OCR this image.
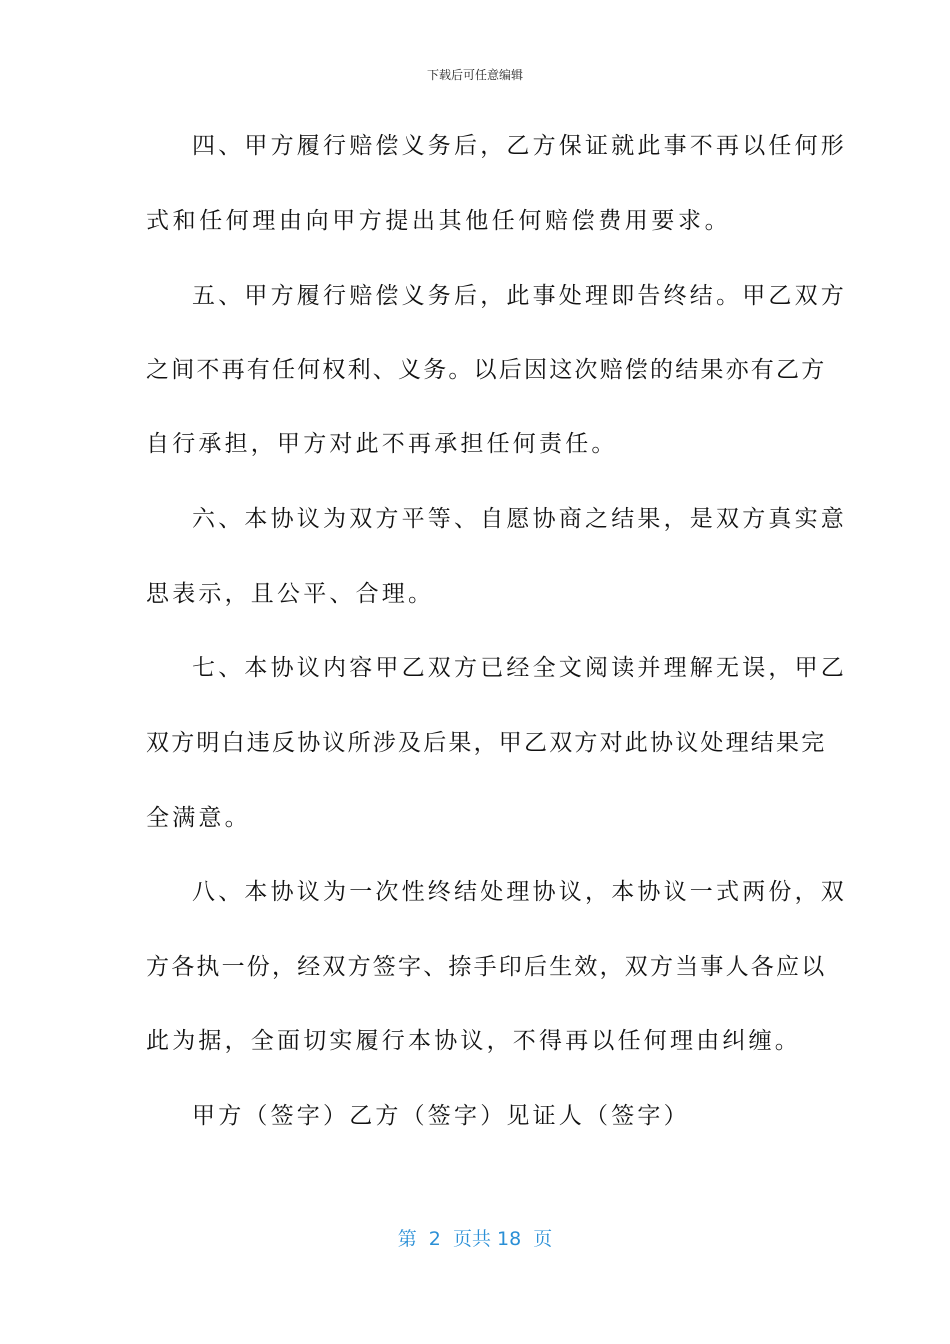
下载后可任意编辑
四、甲方履行赔偿义务后，乙方保证就此事不再以任何形
式和任何理由向甲方提出其他任何赔偿费用要求。
五、甲方履行赔偿义务后，此事处理即告终结。甲乙双方
之间不再有任何权利、义务。以后因这次赔偿的结果亦有乙方
自行承担，甲方对此不再承担任何责任。
六、本协议为双方平等、自愿协商之结果，是双方真实意
思表示，且公平、合理。
七、本协议内容甲乙双方已经全文阅读并理解无误，甲乙
双方明白违反协议所涉及后果，甲乙双方对此协议处理结果完
全满意。
八、本协议为一次性终结处理协议，本协议一式两份，双
方各执一份，经双方签字、捺手印后生效，双方当事人各应以
此为据，全面切实履行本协议，不得再以任何理由纠缠。
甲方（签字）乙方（签字）见证人（签字）
第  2  页共 18  页
